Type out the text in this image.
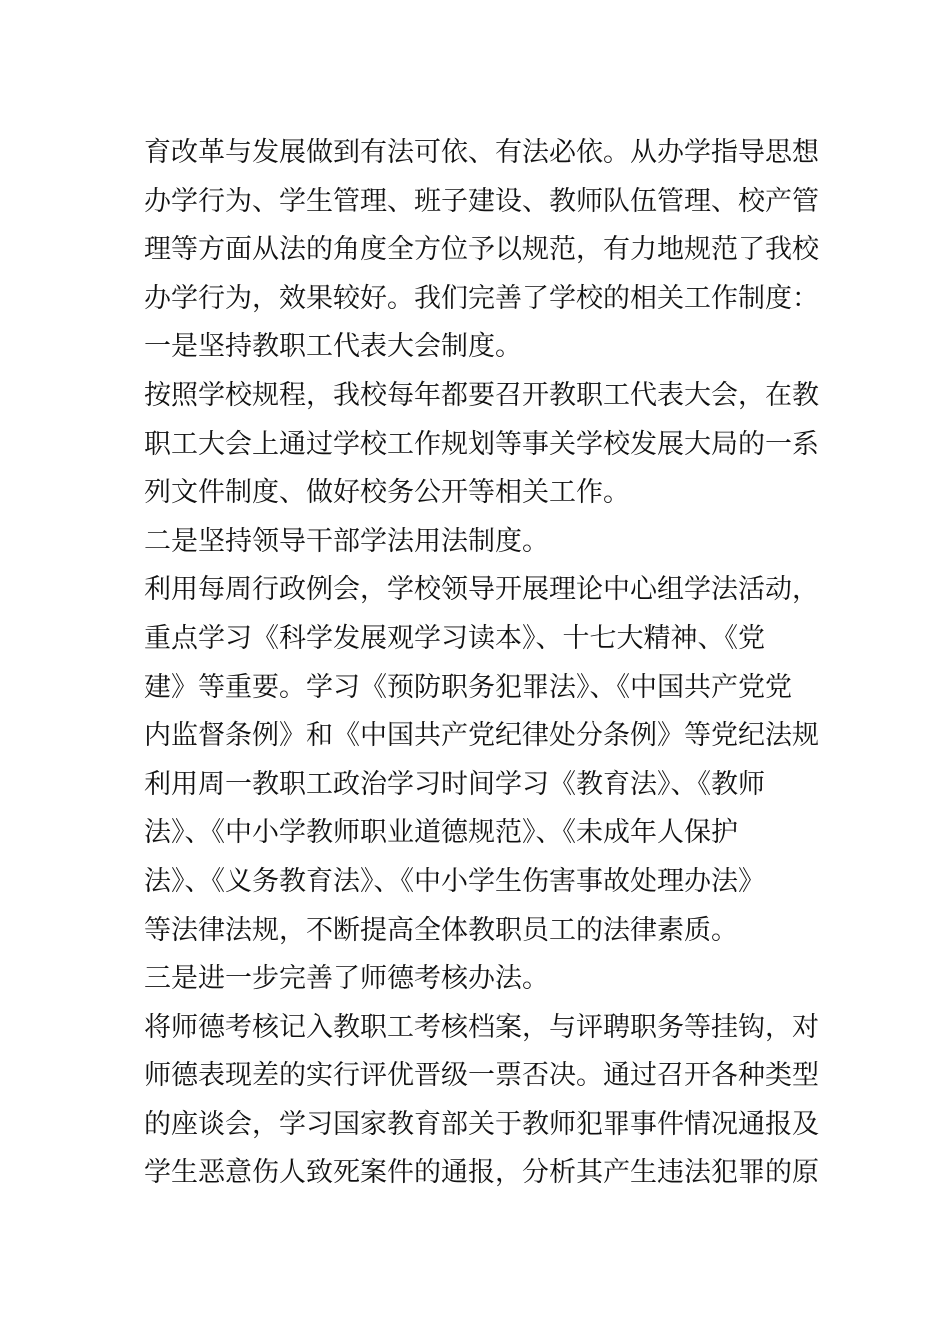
育改革与发展做到有法可依、有法必依。从办学指导思想
办学行为、学生管理、班子建设、教师队伍管理、校产管
理等方面从法的角度全方位予以规范，有力地规范了我校
办学行为，效果较好。我们完善了学校的相关工作制度：
一是坚持教职工代表大会制度。
按照学校规程，我校每年都要召开教职工代表大会，在教
职工大会上通过学校工作规划等事关学校发展大局的一系
列文件制度、做好校务公开等相关工作。
二是坚持领导干部学法用法制度。
利用每周行政例会，学校领导开展理论中心组学法活动，
重点学习《科学发展观学习读本》、十七大精神、《党
建》等重要。学习《预防职务犯罪法》、《中国共产党党
内监督条例》和《中国共产党纪律处分条例》等党纪法规
利用周一教职工政治学习时间学习《教育法》、《教师
法》、《中小学教师职业道德规范》、《未成年人保护
法》、《义务教育法》、《中小学生伤害事故处理办法》
等法律法规，不断提高全体教职员工的法律素质。
三是进一步完善了师德考核办法。
将师德考核记入教职工考核档案，与评聘职务等挂钩，对
师德表现差的实行评优晋级一票否决。通过召开各种类型
的座谈会，学习国家教育部关于教师犯罪事件情况通报及
学生恶意伤人致死案件的通报，分析其产生违法犯罪的原
